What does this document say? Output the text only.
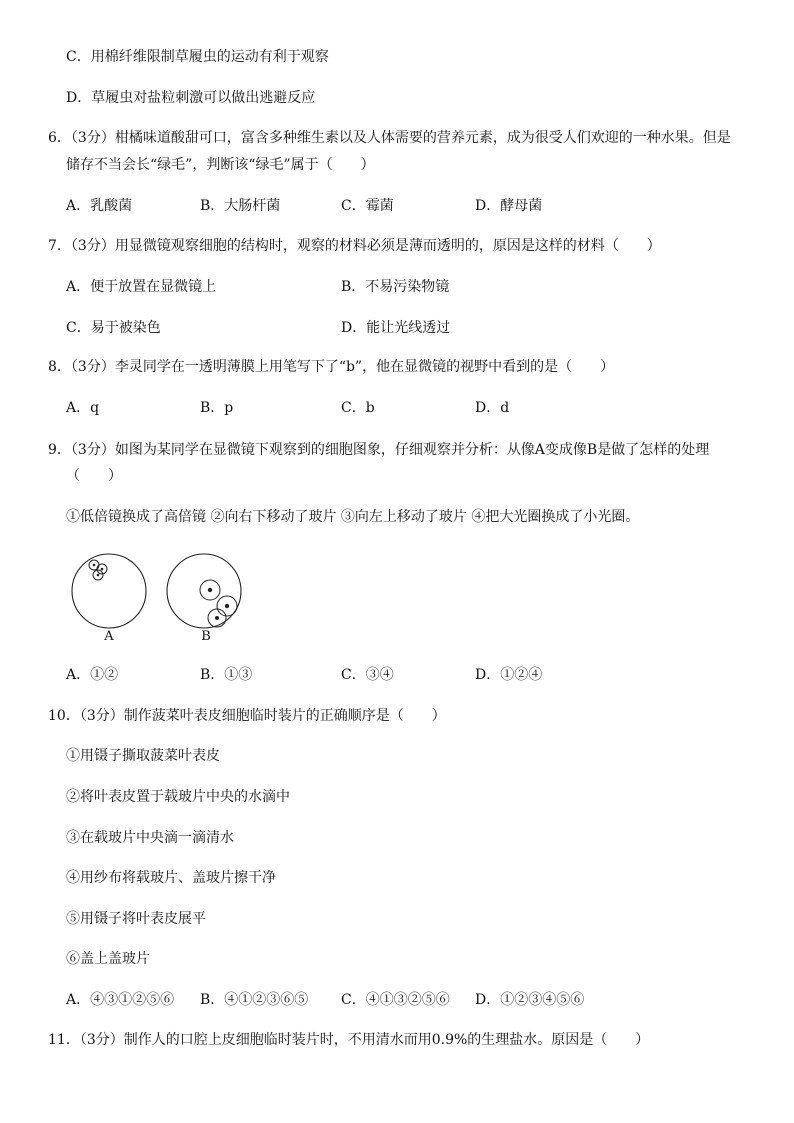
C．用棉纤维限制草履虫的运动有利于观察
D．草履虫对盐粒刺激可以做出逃避反应
6．（3分）柑橘味道酸甜可口，富含多种维生素以及人体需要的营养元素，成为很受人们欢迎的一种水果。但是
储存不当会长“绿毛”，判断该“绿毛”属于（　　）
A．乳酸菌	B．大肠杆菌	C．霉菌	D．酵母菌
7．（3分）用显微镜观察细胞的结构时，观察的材料必须是薄而透明的，原因是这样的材料（　　）
A．便于放置在显微镜上	B．不易污染物镜
C．易于被染色	D．能让光线透过
8．（3分）李灵同学在一透明薄膜上用笔写下了“b”，他在显微镜的视野中看到的是（　　）
A．q	B．p	C．b	D．d
9．（3分）如图为某同学在显微镜下观察到的细胞图象，仔细观察并分析：从像A变成像B是做了怎样的处理
（　　）
①低倍镜换成了高倍镜 ②向右下移动了玻片 ③向左上移动了玻片 ④把大光圈换成了小光圈。
A	B
A．①②	B．①③	C．③④	D．①②④
10．（3分）制作菠菜叶表皮细胞临时装片的正确顺序是（　　）
①用镊子撕取菠菜叶表皮
②将叶表皮置于载玻片中央的水滴中
③在载玻片中央滴一滴清水
④用纱布将载玻片、盖玻片擦干净
⑤用镊子将叶表皮展平
⑥盖上盖玻片
A．④③①②⑤⑥ B．④①②③⑥⑤ C．④①③②⑤⑥ D．①②③④⑤⑥
11．（3分）制作人的口腔上皮细胞临时装片时，不用清水而用0.9%的生理盐水。原因是（　　）
